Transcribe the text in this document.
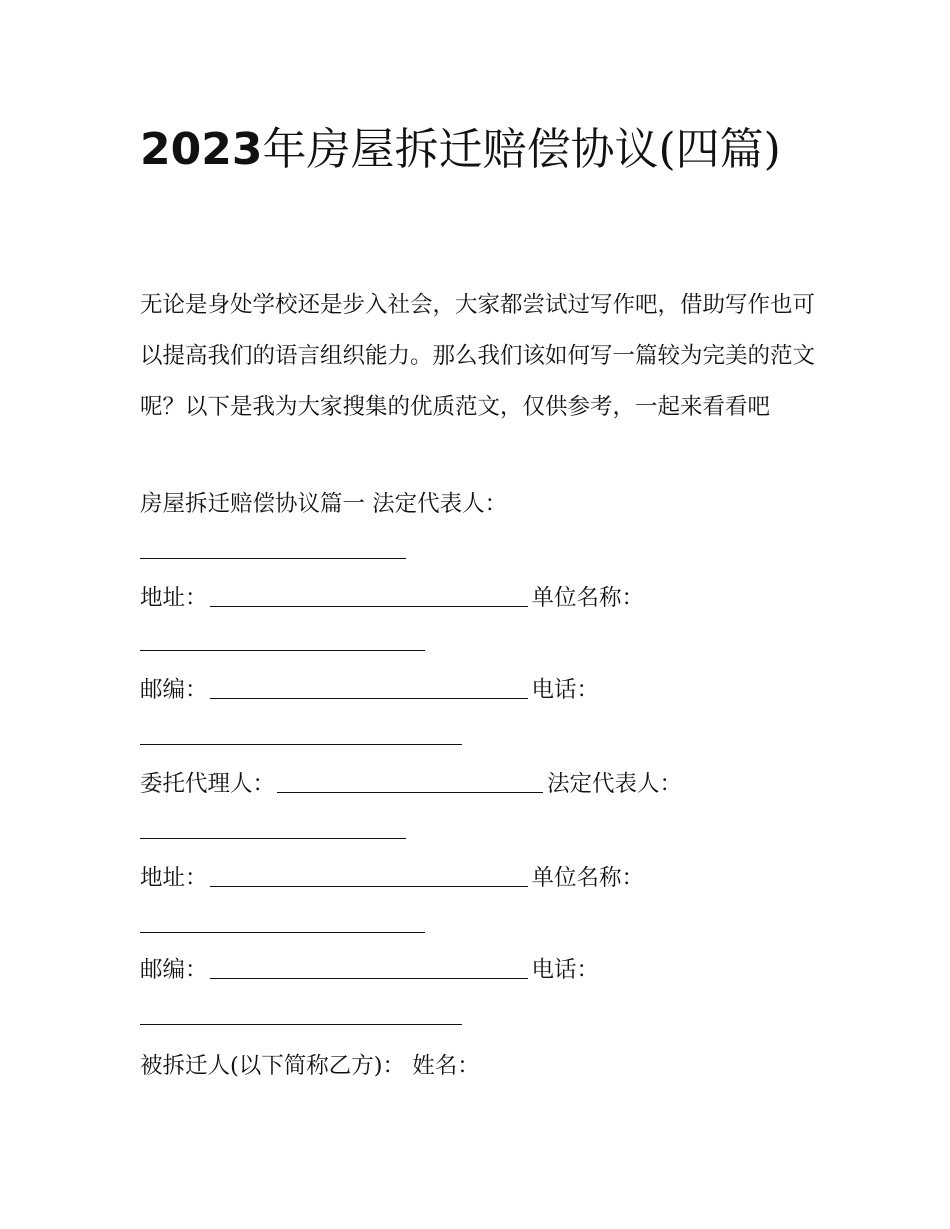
2023年房屋拆迁赔偿协议(四篇)

无论是身处学校还是步入社会，大家都尝试过写作吧，借助写作也可以提高我们的语言组织能力。那么我们该如何写一篇较为完美的范文呢？以下是我为大家搜集的优质范文，仅供参考，一起来看看吧

房屋拆迁赔偿协议篇一 法定代表人：
地址：	单位名称：
邮编：	电话：
委托代理人：	法定代表人：
地址：	单位名称：
邮编：	电话：
被拆迁人(以下简称乙方)： 姓名：
